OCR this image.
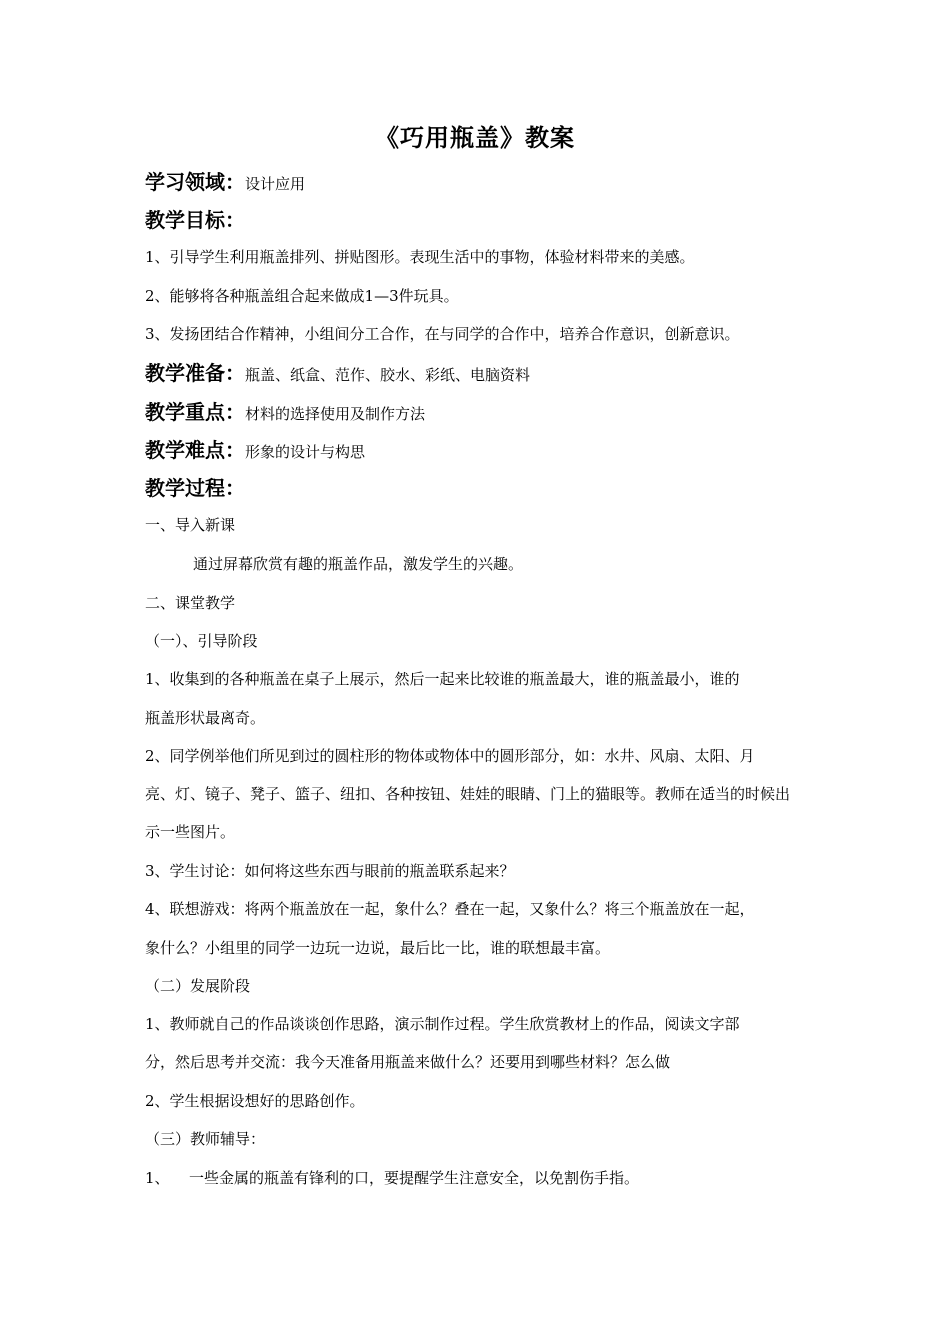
《巧用瓶盖》教案
学习领域：设计应用
教学目标：
1、引导学生利用瓶盖排列、拼贴图形。表现生活中的事物，体验材料带来的美感。
2、能够将各种瓶盖组合起来做成1—3件玩具。
3、发扬团结合作精神，小组间分工合作，在与同学的合作中，培养合作意识，创新意识。
教学准备：瓶盖、纸盒、范作、胶水、彩纸、电脑资料
教学重点：材料的选择使用及制作方法
教学难点：形象的设计与构思
教学过程：
一、导入新课
通过屏幕欣赏有趣的瓶盖作品，激发学生的兴趣。
二、课堂教学
（一）、引导阶段
1、收集到的各种瓶盖在桌子上展示，然后一起来比较谁的瓶盖最大，谁的瓶盖最小，谁的
瓶盖形状最离奇。
2、同学例举他们所见到过的圆柱形的物体或物体中的圆形部分，如：水井、风扇、太阳、月
亮、灯、镜子、凳子、篮子、纽扣、各种按钮、娃娃的眼睛、门上的猫眼等。教师在适当的时候出
示一些图片。
3、学生讨论：如何将这些东西与眼前的瓶盖联系起来？
4、联想游戏：将两个瓶盖放在一起，象什么？叠在一起，又象什么？将三个瓶盖放在一起，
象什么？小组里的同学一边玩一边说，最后比一比，谁的联想最丰富。
（二）发展阶段
1、教师就自己的作品谈谈创作思路，演示制作过程。学生欣赏教材上的作品，阅读文字部
分，然后思考并交流：我今天准备用瓶盖来做什么？还要用到哪些材料？怎么做
2、学生根据设想好的思路创作。
（三）教师辅导：
1、 一些金属的瓶盖有锋利的口，要提醒学生注意安全，以免割伤手指。
